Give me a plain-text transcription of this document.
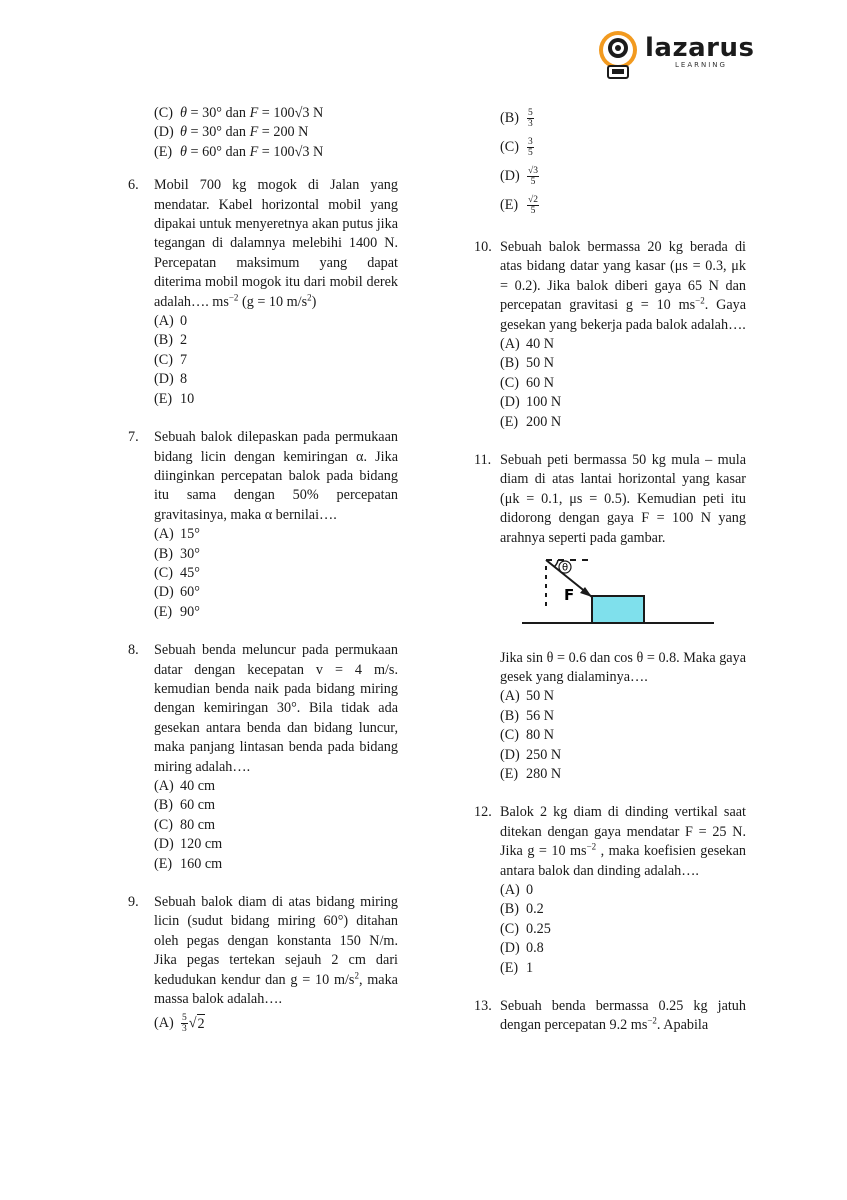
lazarus
LEARNING
(C) θ = 30° dan F = 100√3 N
(D) θ = 30° dan F = 200 N
(E) θ = 60° dan F = 100√3 N
6. Mobil 700 kg mogok di Jalan yang mendatar. Kabel horizontal mobil yang dipakai untuk menyeretnya akan putus jika tegangan di dalamnya melebihi 1400 N. Percepatan maksimum yang dapat diterima mobil mogok itu dari mobil derek adalah…. $ms^{-2}$ (g = 10 $m/s^2$)
(A) 0
(B) 2
(C) 7
(D) 8
(E) 10
7. Sebuah balok dilepaskan pada permukaan bidang licin dengan kemiringan α. Jika diinginkan percepatan balok pada bidang itu sama dengan 50% percepatan gravitasinya, maka α bernilai….
(A) 15°
(B) 30°
(C) 45°
(D) 60°
(E) 90°
8. Sebuah benda meluncur pada permukaan datar dengan kecepatan v = 4 m/s. kemudian benda naik pada bidang miring dengan kemiringan 30°. Bila tidak ada gesekan antara benda dan bidang luncur, maka panjang lintasan benda pada bidang miring adalah….
(A) 40 cm
(B) 60 cm
(C) 80 cm
(D) 120 cm
(E) 160 cm
9. Sebuah balok diam di atas bidang miring licin (sudut bidang miring 60°) ditahan oleh pegas dengan konstanta 150 N/m. Jika pegas tertekan sejauh 2 cm dari kedudukan kendur dan g = 10 $m/s^2$, maka massa balok adalah….
$(A) \frac{5}{3}$ √ 2
$(B) \frac{5}{3}$
$(C) \frac{3}{5}$
$(D) \frac{√3}{5}$
$(E) \frac{√2}{5}$
10. Sebuah balok bermassa 20 kg berada di atas bidang datar yang kasar (μs = 0.3, μk = 0.2). Jika balok diberi gaya 65 N dan percepatan gravitasi g = 10 $ms^{-2}$. Gaya gesekan yang bekerja pada balok adalah….
(A) 40 N
(B) 50 N
(C) 60 N
(D) 100 N
(E) 200 N
11. Sebuah peti bermassa 50 kg mula – mula diam di atas lantai horizontal yang kasar (μk = 0.1, μs = 0.5). Kemudian peti itu didorong dengan gaya F = 100 N yang arahnya seperti pada gambar.
θ
F
Jika sin θ = 0.6 dan cos θ = 0.8. Maka gaya gesek yang dialaminya….
(A) 50 N
(B) 56 N
(C) 80 N
(D) 250 N
(E) 280 N
12. Balok 2 kg diam di dinding vertikal saat ditekan dengan gaya mendatar F = 25 N. Jika g = 10 $ms^{-2}$ , maka koefisien gesekan antara balok dan dinding adalah….
(A) 0
(B) 0.2
(C) 0.25
(D) 0.8
(E) 1
13. Sebuah benda bermassa 0.25 kg jatuh dengan percepatan 9.2 $ms^{-2}$. Apabila
